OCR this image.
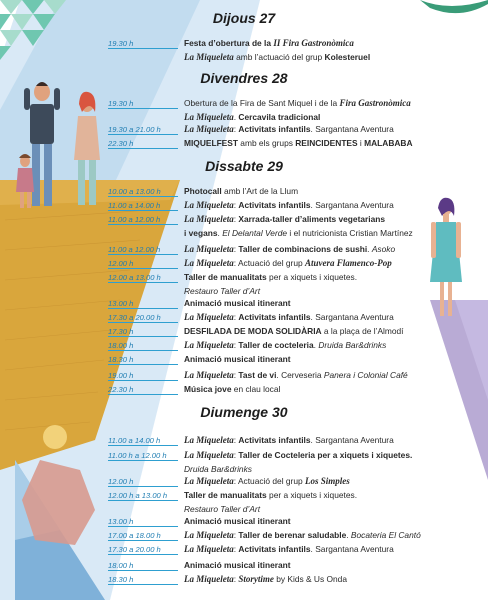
Dijous 27
19.30 h	Festa d’obertura de la II Fira Gastronòmica
La Miqueleta amb l’actuació del grup Kolesteruel
Divendres 28
19.30 h	Obertura de la Fira de Sant Miquel i de la Fira Gastronòmica
La Miqueleta. Cercavila tradicional
19.30 a 21.00 h	La Miqueleta: Activitats infantils. Sargantana Aventura
22.30 h	MIQUELFEST amb els grups REINCIDENTES i MALABABA
Dissabte 29
10.00 a 13.00 h	Photocall amb l’Art de la Llum
11.00 a 14.00 h	La Miqueleta: Activitats infantils. Sargantana Aventura
11.00 a 12.00 h	La Miqueleta: Xarrada-taller d’aliments vegetarians
i vegans. El Delantal Verde i el nutricionista Cristian Martínez
11.00 a 12.00 h	La Miqueleta: Taller de combinacions de sushi. Asoko
12.00 h	La Miqueleta: Actuació del grup Atuvera Flamenco-Pop
12.00 a 13.00 h	Taller de manualitats per a xiquets i xiquetes.
Restauro Taller d’Art
13.00 h	Animació musical itinerant
17.30 a 20.00 h	La Miqueleta: Activitats infantils. Sargantana Aventura
17.30 h	DESFILADA DE MODA SOLIDÀRIA a la plaça de l’Almodí
18.00 h	La Miqueleta: Taller de cocteleria. Druida Bar&drinks
18.30 h	Animació musical itinerant
19.00 h	La Miqueleta: Tast de vi. Cerveseria Panera i Colonial Café
22.30 h	Música jove en clau local
Diumenge 30
11.00 a 14.00 h	La Miqueleta: Activitats infantils. Sargantana Aventura
11.00 h a 12.00 h	La Miqueleta: Taller de Cocteleria per a xiquets i xiquetes.
Druida Bar&drinks
12.00 h	La Miqueleta: Actuació del grup Los Simples
12.00 h a 13.00 h	Taller de manualitats per a xiquets i xiquetes.
Restauro Taller d’Art
13.00 h	Animació musical itinerant
17.00 a 18.00 h	La Miqueleta: Taller de berenar saludable. Bocateria El Cantó
17.30 a 20.00 h	La Miqueleta: Activitats infantils. Sargantana Aventura
18.00 h	Animació musical itinerant
18.30 h	La Miqueleta: Storytime by Kids & Us Onda
